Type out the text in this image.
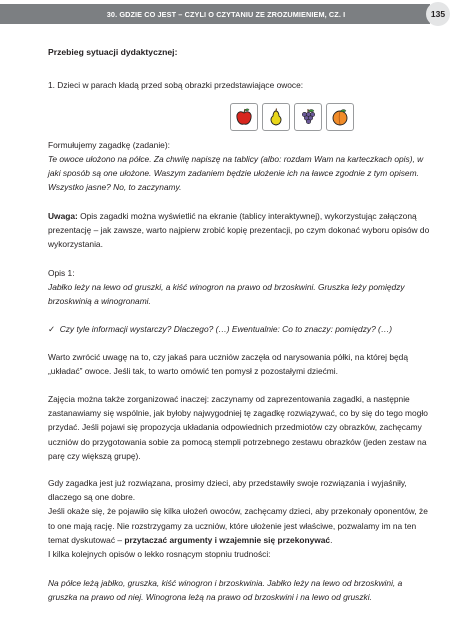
30. GDZIE CO JEST – CZYLI O CZYTANIU ZE ZROZUMIENIEM, CZ. I	135
Przebieg sytuacji dydaktycznej:
1. Dzieci w parach kładą przed sobą obrazki przedstawiające owoce:
Formułujemy zagadkę (zadanie):
Te owoce ułożono na półce. Za chwilę napiszę na tablicy (albo: rozdam Wam na karteczkach opis), w jaki sposób są one ułożone. Waszym zadaniem będzie ułożenie ich na ławce zgodnie z tym opisem. Wszystko jasne? No, to zaczynamy.
Uwaga: Opis zagadki można wyświetlić na ekranie (tablicy interaktywnej), wykorzystując załączoną prezentację – jak zawsze, warto najpierw zrobić kopię prezentacji, po czym dokonać wyboru opisów do wykorzystania.
Opis 1:
Jabłko leży na lewo od gruszki, a kiść winogron na prawo od brzoskwini. Gruszka leży pomiędzy brzoskwinią a winogronami.
✓ Czy tyle informacji wystarczy? Dlaczego? (…) Ewentualnie: Co to znaczy: pomiędzy? (…)
Warto zwrócić uwagę na to, czy jakaś para uczniów zaczęła od narysowania półki, na której będą „układać” owoce. Jeśli tak, to warto omówić ten pomysł z pozostałymi dziećmi.
Zajęcia można także zorganizować inaczej: zaczynamy od zaprezentowania zagadki, a następnie zastanawiamy się wspólnie, jak byłoby najwygodniej tę zagadkę rozwiązywać, co by się do tego mogło przydać. Jeśli pojawi się propozycja układania odpowiednich przedmiotów czy obrazków, zachęcamy uczniów do przygotowania sobie za pomocą stempli potrzebnego zestawu obrazków (jeden zestaw na parę czy większą grupę).
Gdy zagadka jest już rozwiązana, prosimy dzieci, aby przedstawiły swoje rozwiązania i wyjaśniły, dlaczego są one dobre.
Jeśli okaże się, że pojawiło się kilka ułożeń owoców, zachęcamy dzieci, aby przekonały oponentów, że to one mają rację. Nie rozstrzygamy za uczniów, które ułożenie jest właściwe, pozwalamy im na ten temat dyskutować – przytaczać argumenty i wzajemnie się przekonywać.
I kilka kolejnych opisów o lekko rosnącym stopniu trudności:
Na półce leżą jabłko, gruszka, kiść winogron i brzoskwinia. Jabłko leży na lewo od brzoskwini, a gruszka na prawo od niej. Winogrona leżą na prawo od brzoskwini i na lewo od gruszki.
